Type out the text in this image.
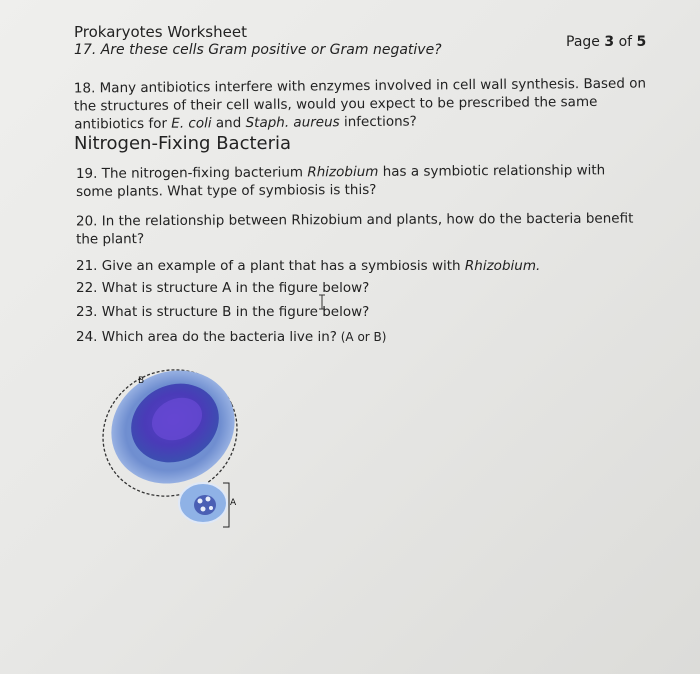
Prokaryotes Worksheet
Page 3 of 5
17. Are these cells Gram positive or Gram negative?
18. Many antibiotics interfere with enzymes involved in cell wall synthesis. Based on the structures of their cell walls, would you expect to be prescribed the same antibiotics for E. coli and Staph. aureus infections?
Nitrogen-Fixing Bacteria
19. The nitrogen-fixing bacterium Rhizobium has a symbiotic relationship with some plants. What type of symbiosis is this?
20. In the relationship between Rhizobium and plants, how do the bacteria benefit the plant?
21. Give an example of a plant that has a symbiosis with Rhizobium.
22. What is structure A in the figure below?
23. What is structure B in the figure below?
24. Which area do the bacteria live in? (A or B)
B
A
